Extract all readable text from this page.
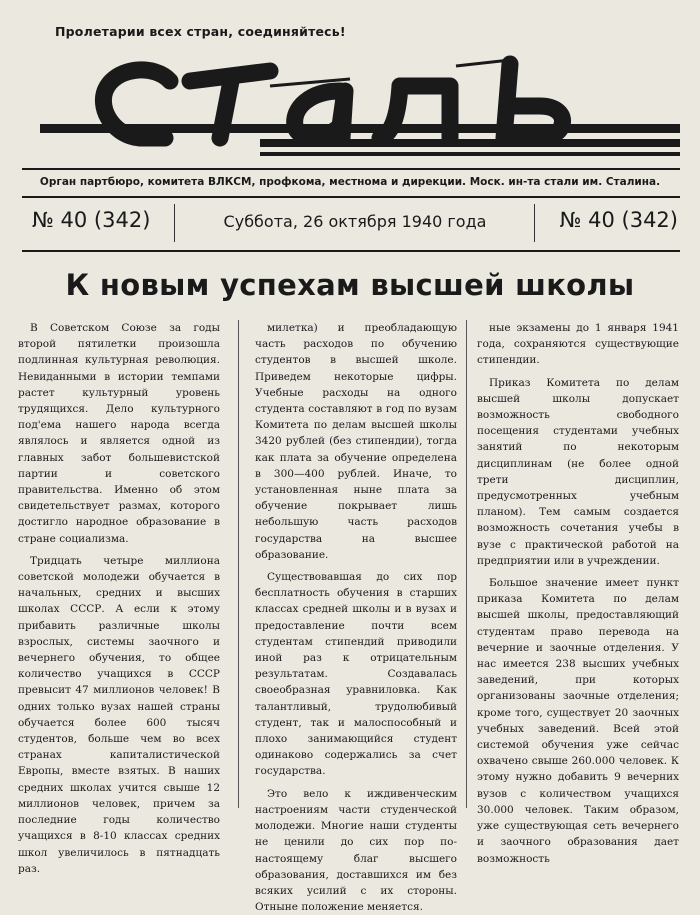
Пролетарии всех стран, соединяйтесь!
Орган партбюро, комитета ВЛКСМ, профкома, местнома и дирекции. Моск. ин-та стали им. Сталина.
№ 40 (342)	Суббота, 26 октября 1940 года	№ 40 (342)
К новым успехам высшей школы

В Советском Союзе за годы второй пятилетки произошла подлинная культурная революция. Невиданными в истории темпами растет культурный уровень трудящихся. Дело культурного под'ема нашего народа всегда являлось и является одной из главных забот большевистской партии и советского правительства. Именно об этом свидетельствует размах, которого достигло народное образование в стране социализма.

Тридцать четыре миллиона советской молодежи обучается в начальных, средних и высших школах СССР. А если к этому прибавить различные школы взрослых, системы заочного и вечернего обучения, то общее количество учащихся в СССР превысит 47 миллионов человек! В одних только вузах нашей страны обучается более 600 тысяч студентов, больше чем во всех странах капиталистической Европы, вместе взятых. В наших средних школах учится свыше 12 миллионов человек, причем за последние годы количество учащихся в 8-10 классах средних школ увеличилось в пятнадцать раз.

милетка) и преобладающую часть расходов по обучению студентов в высшей школе. Приведем некоторые цифры. Учебные расходы на одного студента составляют в год по вузам Комитета по делам высшей школы 3420 рублей (без стипендии), тогда как плата за обучение определена в 300—400 рублей. Иначе, то установленная ныне плата за обучение покрывает лишь небольшую часть расходов государства на высшее образование.

Существовавшая до сих пор бесплатность обучения в старших классах средней школы и в вузах и предоставление почти всем студентам стипендий приводили иной раз к отрицательным результатам. Создавалась своеобразная уравниловка. Как талантливый, трудолюбивый студент, так и малоспособный и плохо занимающийся студент одинаково содержались за счет государства.

Это вело к иждивенческим настроениям части студенческой молодежи. Многие наши студенты не ценили до сих пор по-настоящему благ высшего образования, доставшихся им без всяких усилий с их стороны. Отныне положение меняется.

ные экзамены до 1 января 1941 года, сохраняются существующие стипендии.

Приказ Комитета по делам высшей школы допускает возможность свободного посещения студентами учебных занятий по некоторым дисциплинам (не более одной трети дисциплин, предусмотренных учебным планом). Тем самым создается возможность сочетания учебы в вузе с практической работой на предприятии или в учреждении.

Большое значение имеет пункт приказа Комитета по делам высшей школы, предоставляющий студентам право перевода на вечерние и заочные отделения. У нас имеется 238 высших учебных заведений, при которых организованы заочные отделения; кроме того, существует 20 заочных учебных заведений. Всей этой системой обучения уже сейчас охвачено свыше 260.000 человек. К этому нужно добавить 9 вечерних вузов с количеством учащихся 30.000 человек. Таким образом, уже существующая сеть вечернего и заочного образования дает возможность
